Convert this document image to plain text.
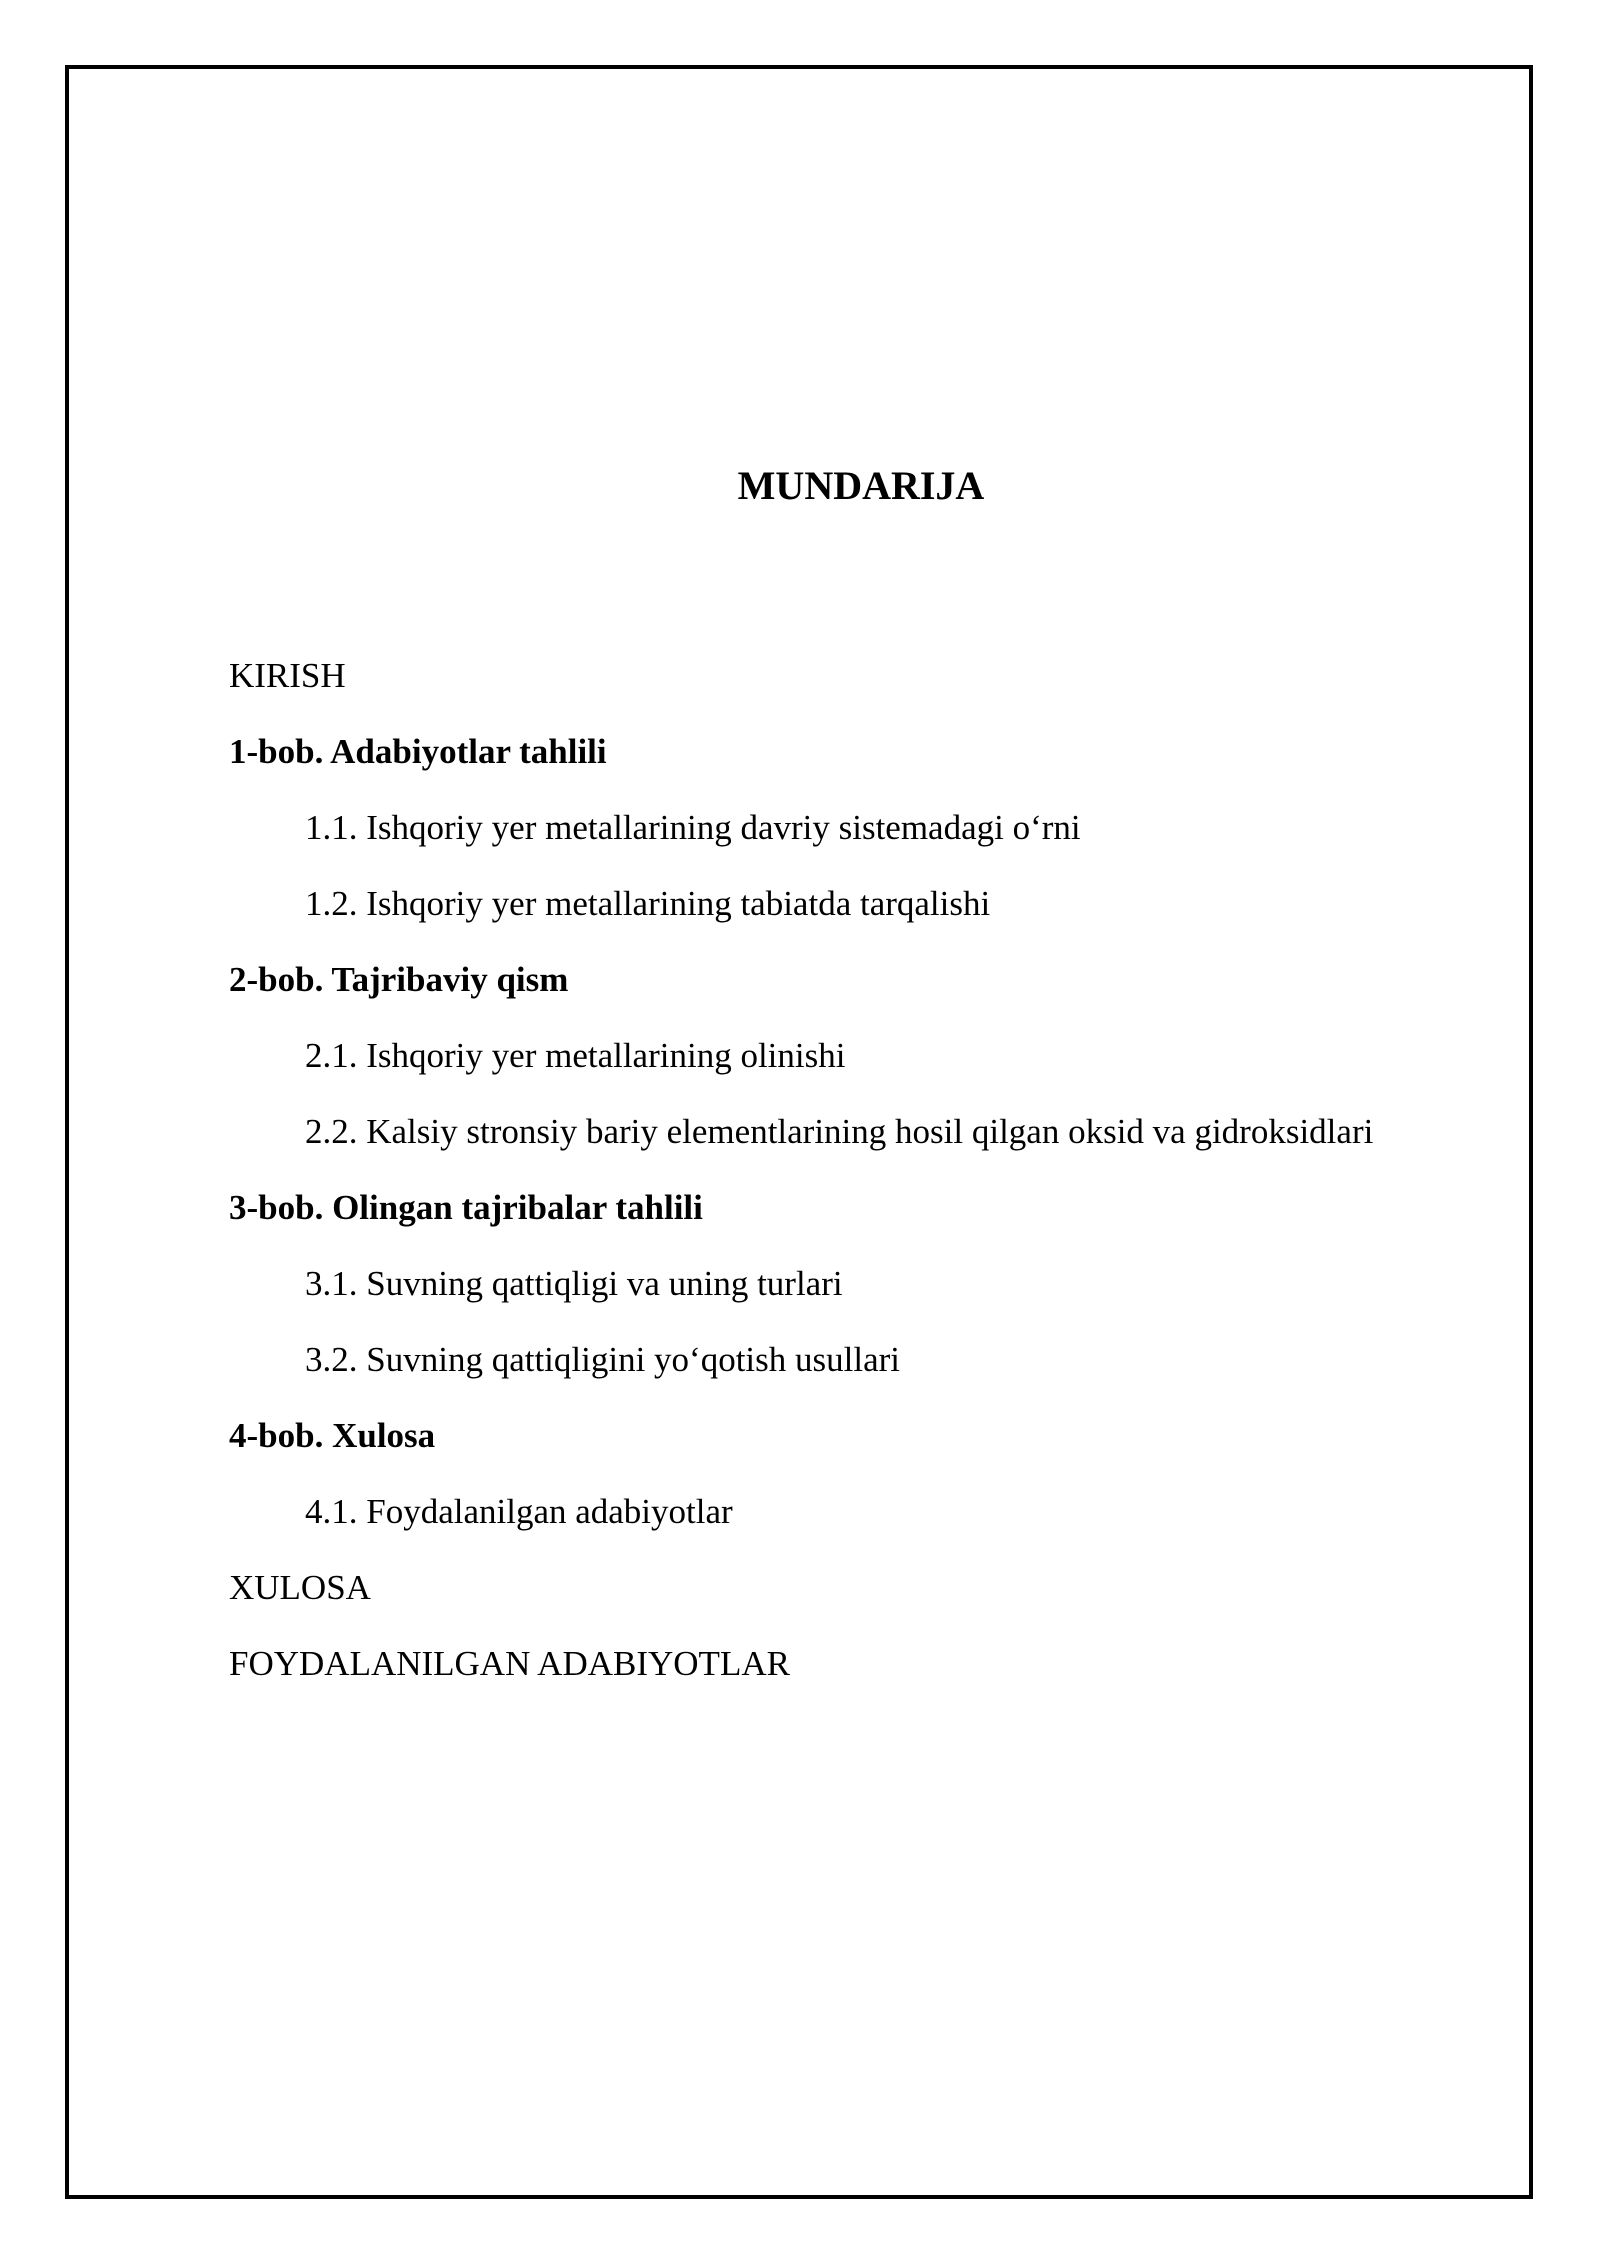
MUNDARIJA
KIRISH
1-bob. Adabiyotlar tahlili
1.1. Ishqoriy yer metallarining davriy sistemadagi o‘rni
1.2. Ishqoriy yer metallarining tabiatda tarqalishi
2-bob. Tajribaviy qism
2.1. Ishqoriy yer metallarining olinishi
2.2. Kalsiy stronsiy bariy elementlarining hosil qilgan oksid va gidroksidlari
3-bob. Olingan tajribalar tahlili
3.1. Suvning qattiqligi va uning turlari
3.2. Suvning qattiqligini yo‘qotish usullari
4-bob. Xulosa
4.1. Foydalanilgan adabiyotlar
XULOSA
FOYDALANILGAN ADABIYOTLAR
